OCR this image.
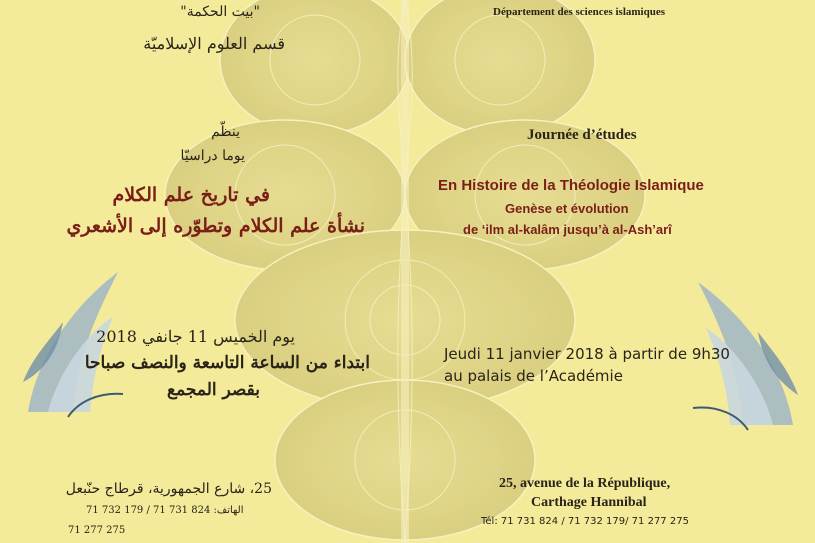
"بيت الحكمة"

قسم العلوم الإسلاميّة

ينظّم

يوما دراسيّا

في تاريخ علم الكلام

نشأة علم الكلام وتطوّره إلى الأشعري

يوم الخميس 11 جانفي 2018

ابتداء من الساعة التاسعة والنصف صباحا

بقصر المجمع

25، شارع الجمهورية، قرطاج حنّبعل

الهاتف: 824 731 71 / 179 732 71

71 277 275

Département des sciences islamiques

Journée d’études

En Histoire de la Théologie Islamique

Genèse et évolution

de ‘ilm al-kalâm jusqu’à al-Ash’arî

Jeudi 11 janvier 2018 à partir de 9h30

au palais de l’Académie

25, avenue de la République,

Carthage Hannibal

Tél: 71 731 824 / 71 732 179/ 71 277 275
